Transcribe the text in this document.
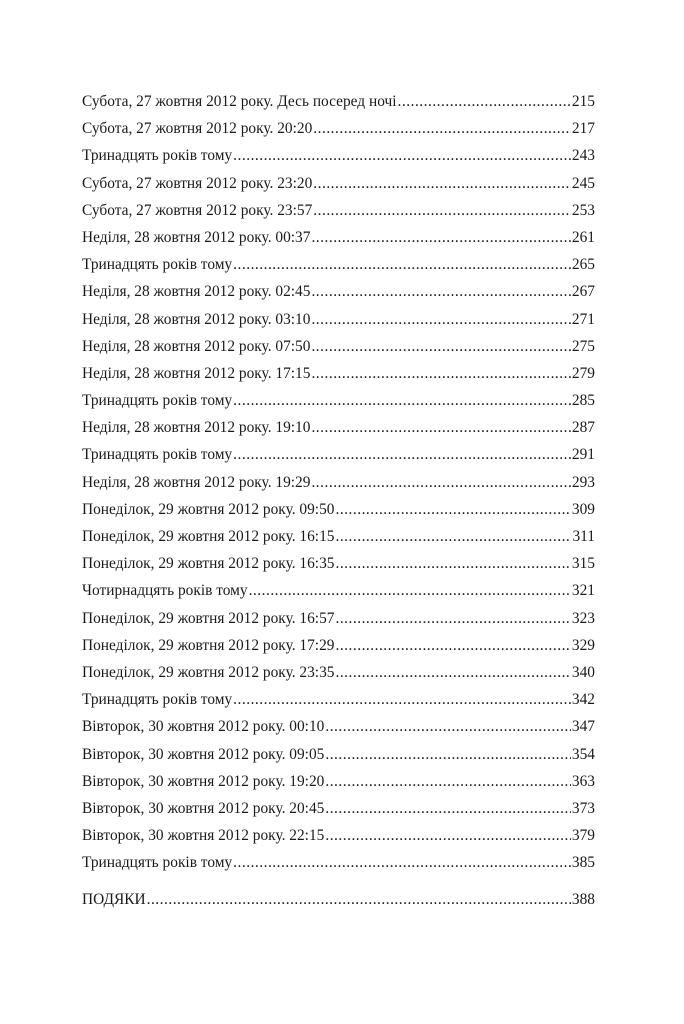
Субота, 27 жовтня 2012 року. Десь посеред ночі .....	215
Субота, 27 жовтня 2012 року. 20:20 .....	217
Тринадцять років тому .....	243
Субота, 27 жовтня 2012 року. 23:20 .....	245
Субота, 27 жовтня 2012 року. 23:57 .....	253
Неділя, 28 жовтня 2012 року. 00:37 .....	261
Тринадцять років тому .....	265
Неділя, 28 жовтня 2012 року. 02:45 .....	267
Неділя, 28 жовтня 2012 року. 03:10 .....	271
Неділя, 28 жовтня 2012 року. 07:50 .....	275
Неділя, 28 жовтня 2012 року. 17:15 .....	279
Тринадцять років тому .....	285
Неділя, 28 жовтня 2012 року. 19:10 .....	287
Тринадцять років тому .....	291
Неділя, 28 жовтня 2012 року. 19:29 .....	293
Понеділок, 29 жовтня 2012 року. 09:50 .....	309
Понеділок, 29 жовтня 2012 року. 16:15 .....	311
Понеділок, 29 жовтня 2012 року. 16:35 .....	315
Чотирнадцять років тому .....	321
Понеділок, 29 жовтня 2012 року. 16:57 .....	323
Понеділок, 29 жовтня 2012 року. 17:29 .....	329
Понеділок, 29 жовтня 2012 року. 23:35 .....	340
Тринадцять років тому .....	342
Вівторок, 30 жовтня 2012 року. 00:10 .....	347
Вівторок, 30 жовтня 2012 року. 09:05 .....	354
Вівторок, 30 жовтня 2012 року. 19:20 .....	363
Вівторок, 30 жовтня 2012 року. 20:45 .....	373
Вівторок, 30 жовтня 2012 року. 22:15 .....	379
Тринадцять років тому .....	385
ПОДЯКИ .....	388
